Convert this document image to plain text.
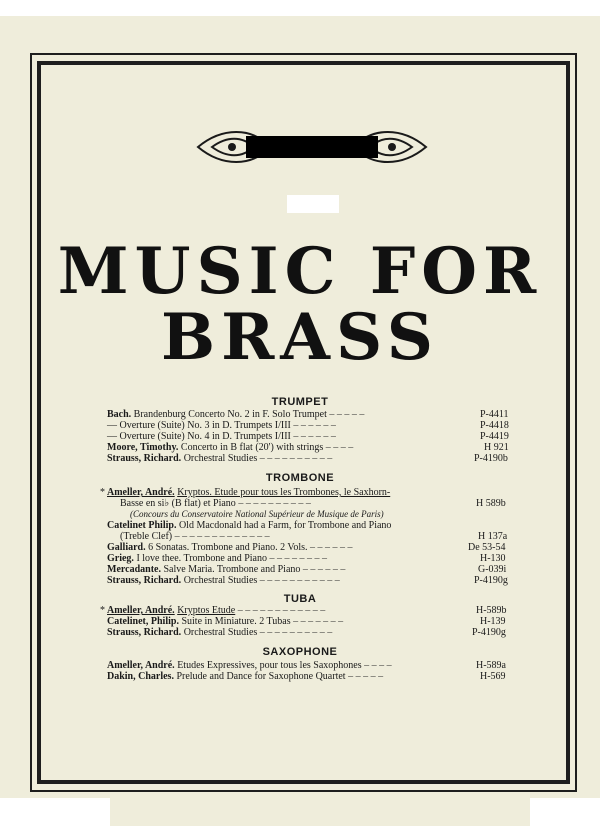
MUSIC FOR
BRASS
TRUMPET
Bach. Brandenburg Concerto No. 2 in F. Solo Trumpet – – – – –	P-4411
— Overture (Suite) No. 3 in D. Trumpets I/III – – – – – –	P-4418
— Overture (Suite) No. 4 in D. Trumpets I/III – – – – – –	P-4419
Moore, Timothy. Concerto in B flat (20') with strings – – – –	H 921
Strauss, Richard. Orchestral Studies – – – – – – – – – –	P-4190b
TROMBONE
* Ameller, André. Kryptos. Etude pour tous les Trombones, le Saxhorn-
Basse en si♭ (B flat) et Piano – – – – – – – – – –	H 589b
(Concours du Conservatoire National Supérieur de Musique de Paris)
Catelinet Philip. Old Macdonald had a Farm, for Trombone and Piano
(Treble Clef) – – – – – – – – – – – – –	H 137a
Galliard. 6 Sonatas. Trombone and Piano. 2 Vols. – – – – – –	De 53-54
Grieg. I love thee. Trombone and Piano – – – – – – – –	H-130
Mercadante. Salve Maria. Trombone and Piano – – – – – –	G-039i
Strauss, Richard. Orchestral Studies – – – – – – – – – – –	P-4190g
TUBA
* Ameller, André. Kryptos Etude – – – – – – – – – – – –	H-589b
Catelinet, Philip. Suite in Miniature. 2 Tubas – – – – – – –	H-139
Strauss, Richard. Orchestral Studies – – – – – – – – – –	P-4190g
SAXOPHONE
Ameller, André. Etudes Expressives, pour tous les Saxophones – – – –	H-589a
Dakin, Charles. Prelude and Dance for Saxophone Quartet – – – – –	H-569
